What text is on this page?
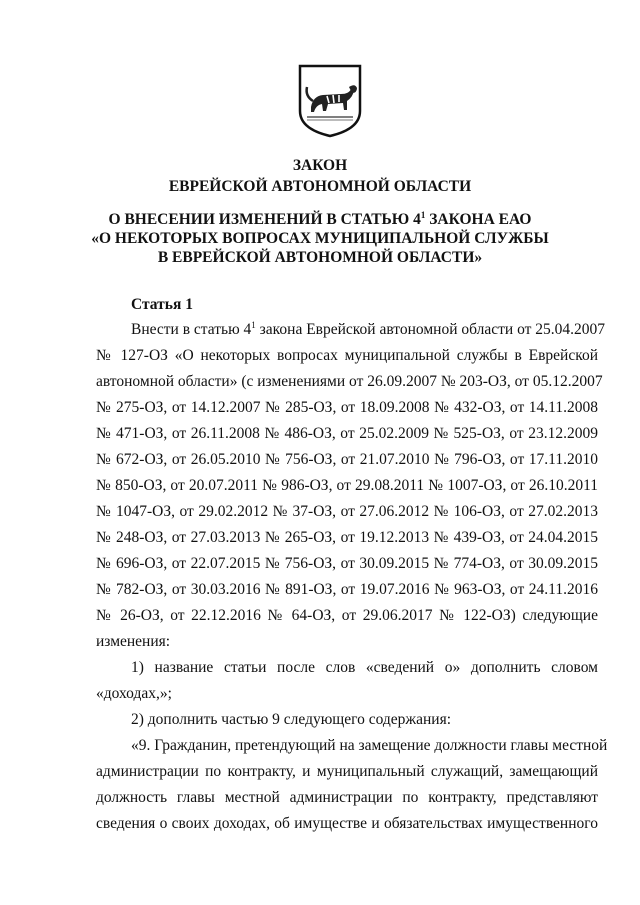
ЗАКОН
ЕВРЕЙСКОЙ АВТОНОМНОЙ ОБЛАСТИ
О ВНЕСЕНИИ ИЗМЕНЕНИЙ В СТАТЬЮ $4^1$ ЗАКОНА ЕАО
«О НЕКОТОРЫХ ВОПРОСАХ МУНИЦИПАЛЬНОЙ СЛУЖБЫ
В ЕВРЕЙСКОЙ АВТОНОМНОЙ ОБЛАСТИ»
Статья 1
Внести в статью $4^1$ закона Еврейской автономной области от 25.04.2007
№ 127-ОЗ «О некоторых вопросах муниципальной службы в Еврейской
автономной области» (с изменениями от 26.09.2007 № 203-ОЗ, от 05.12.2007
№ 275-ОЗ, от 14.12.2007 № 285-ОЗ, от 18.09.2008 № 432-ОЗ, от 14.11.2008
№ 471-ОЗ, от 26.11.2008 № 486-ОЗ, от 25.02.2009 № 525-ОЗ, от 23.12.2009
№ 672-ОЗ, от 26.05.2010 № 756-ОЗ, от 21.07.2010 № 796-ОЗ, от 17.11.2010
№ 850-ОЗ, от 20.07.2011 № 986-ОЗ, от 29.08.2011 № 1007-ОЗ, от 26.10.2011
№ 1047-ОЗ, от 29.02.2012 № 37-ОЗ, от 27.06.2012 № 106-ОЗ, от 27.02.2013
№ 248-ОЗ, от 27.03.2013 № 265-ОЗ, от 19.12.2013 № 439-ОЗ, от 24.04.2015
№ 696-ОЗ, от 22.07.2015 № 756-ОЗ, от 30.09.2015 № 774-ОЗ, от 30.09.2015
№ 782-ОЗ, от 30.03.2016 № 891-ОЗ, от 19.07.2016 № 963-ОЗ, от 24.11.2016
№ 26-ОЗ, от 22.12.2016 № 64-ОЗ, от 29.06.2017 № 122-ОЗ) следующие
изменения:
1) название статьи после слов «сведений о» дополнить словом
«доходах,»;
2) дополнить частью 9 следующего содержания:
«9. Гражданин, претендующий на замещение должности главы местной
администрации по контракту, и муниципальный служащий, замещающий
должность главы местной администрации по контракту, представляют
сведения о своих доходах, об имуществе и обязательствах имущественного
